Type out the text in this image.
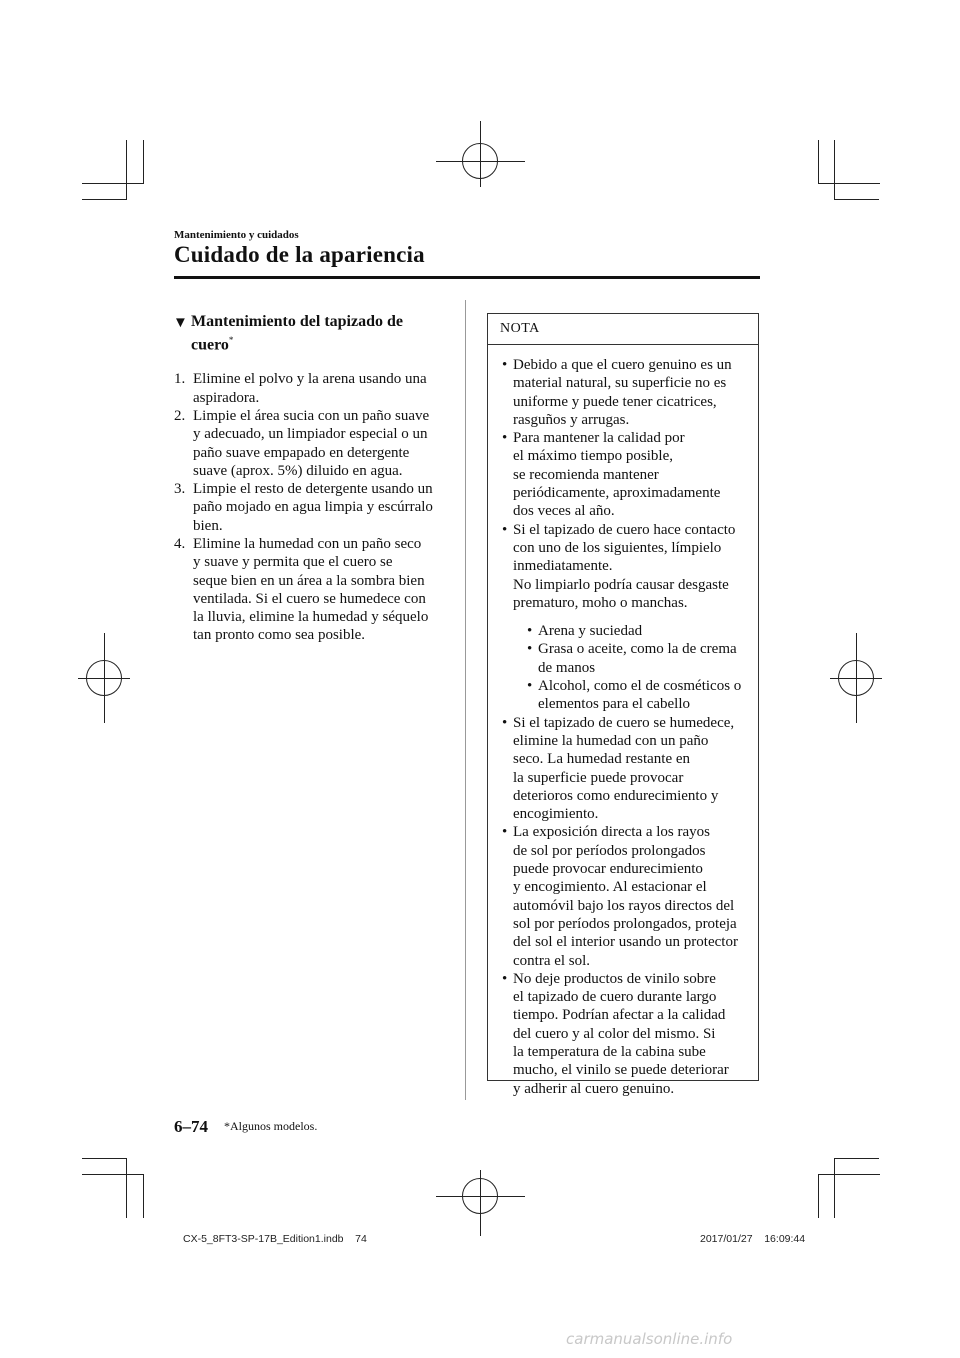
Mantenimiento y cuidados
Cuidado de la apariencia
▼ Mantenimiento del tapizado de
cuero*
1. Elimine el polvo y la arena usando una
aspiradora.
2. Limpie el área sucia con un paño suave
y adecuado, un limpiador especial o un
paño suave empapado en detergente
suave (aprox. 5%) diluido en agua.
3. Limpie el resto de detergente usando un
paño mojado en agua limpia y escúrralo
bien.
4. Elimine la humedad con un paño seco
y suave y permita que el cuero se
seque bien en un área a la sombra bien
ventilada. Si el cuero se humedece con
la lluvia, elimine la humedad y séquelo
tan pronto como sea posible.
NOTA
• Debido a que el cuero genuino es un
material natural, su superficie no es
uniforme y puede tener cicatrices,
rasguños y arrugas.
• Para mantener la calidad por
el máximo tiempo posible,
se recomienda mantener
periódicamente, aproximadamente
dos veces al año.
• Si el tapizado de cuero hace contacto
con uno de los siguientes, límpielo
inmediatamente.
No limpiarlo podría causar desgaste
prematuro, moho o manchas.
• Arena y suciedad
• Grasa o aceite, como la de crema
de manos
• Alcohol, como el de cosméticos o
elementos para el cabello
• Si el tapizado de cuero se humedece,
elimine la humedad con un paño
seco. La humedad restante en
la superficie puede provocar
deterioros como endurecimiento y
encogimiento.
• La exposición directa a los rayos
de sol por períodos prolongados
puede provocar endurecimiento
y encogimiento. Al estacionar el
automóvil bajo los rayos directos del
sol por períodos prolongados, proteja
del sol el interior usando un protector
contra el sol.
• No deje productos de vinilo sobre
el tapizado de cuero durante largo
tiempo. Podrían afectar a la calidad
del cuero y al color del mismo. Si
la temperatura de la cabina sube
mucho, el vinilo se puede deteriorar
y adherir al cuero genuino.
6–74 *Algunos modelos.
CX-5_8FT3-SP-17B_Edition1.indb    74	2017/01/27    16:09:44
carmanualsonline.info
